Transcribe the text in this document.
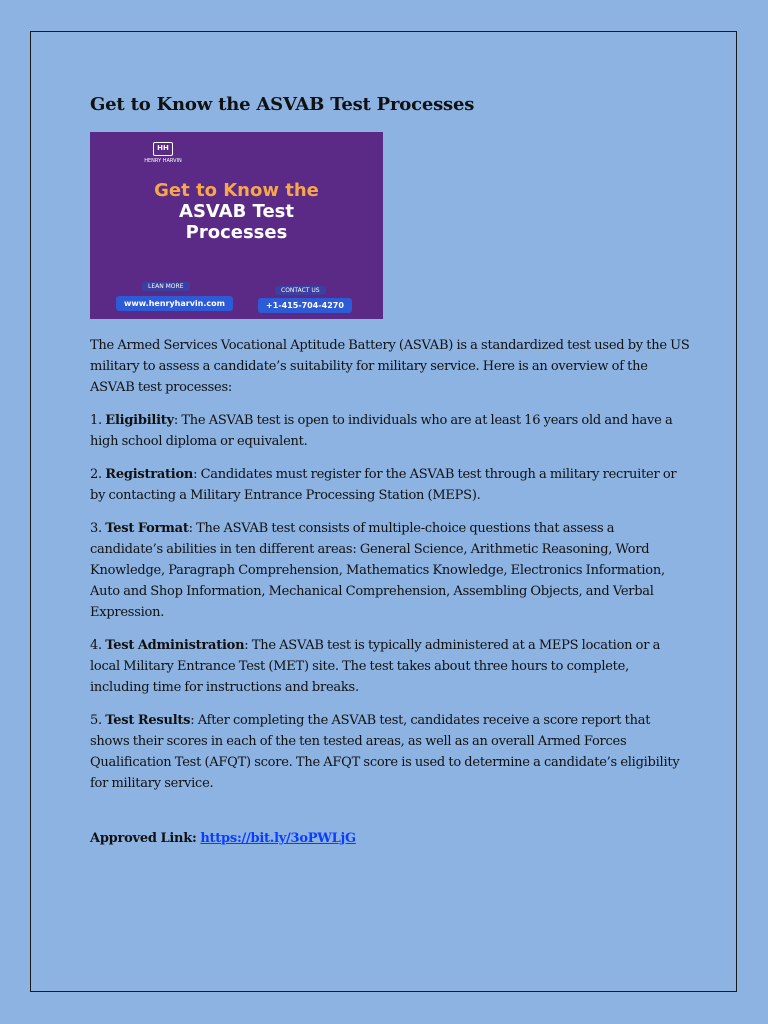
Get to Know the ASVAB Test Processes
HH
HENRY HARVIN
Get to Know the
ASVAB Test
Processes
LEAN MORE
www.henryharvin.com
CONTACT US
+1-415-704-4270

The Armed Services Vocational Aptitude Battery (ASVAB) is a standardized test used by the US military to assess a candidate’s suitability for military service. Here is an overview of the ASVAB test processes:

1. Eligibility: The ASVAB test is open to individuals who are at least 16 years old and have a high school diploma or equivalent.

2. Registration: Candidates must register for the ASVAB test through a military recruiter or by contacting a Military Entrance Processing Station (MEPS).

3. Test Format: The ASVAB test consists of multiple-choice questions that assess a candidate’s abilities in ten different areas: General Science, Arithmetic Reasoning, Word Knowledge, Paragraph Comprehension, Mathematics Knowledge, Electronics Information, Auto and Shop Information, Mechanical Comprehension, Assembling Objects, and Verbal Expression.

4. Test Administration: The ASVAB test is typically administered at a MEPS location or a local Military Entrance Test (MET) site. The test takes about three hours to complete, including time for instructions and breaks.

5. Test Results: After completing the ASVAB test, candidates receive a score report that shows their scores in each of the ten tested areas, as well as an overall Armed Forces Qualification Test (AFQT) score. The AFQT score is used to determine a candidate’s eligibility for military service.

Approved Link: https://bit.ly/3oPWLjG
